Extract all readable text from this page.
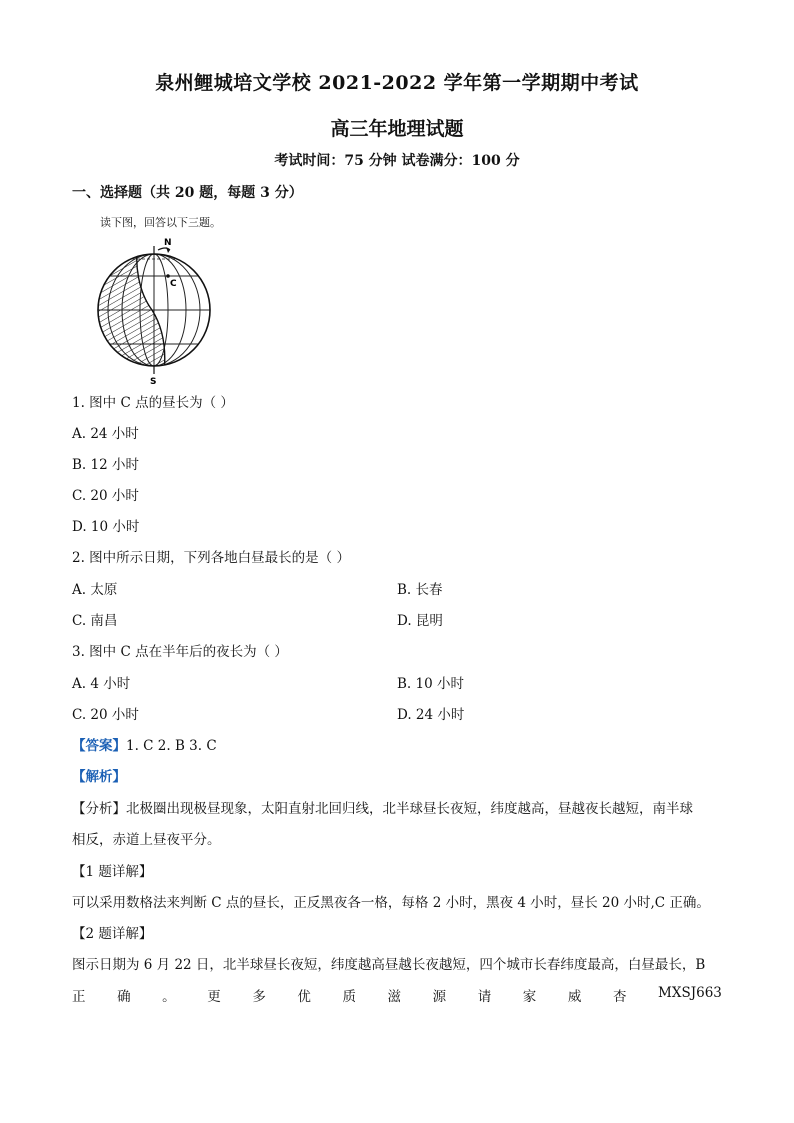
泉州鲤城培文学校 2021-2022 学年第一学期期中考试
高三年地理试题
考试时间：75 分钟 试卷满分：100 分
一、选择题（共 20 题，每题 3 分）
读下图，回答以下三题。
N
S
C
1. 图中 C 点的昼长为（ ）
A. 24 小时
B. 12 小时
C. 20 小时
D. 10 小时
2. 图中所示日期，下列各地白昼最长的是（ ）
A. 太原	B. 长春
C. 南昌	D. 昆明
3. 图中 C 点在半年后的夜长为（ ）
A. 4 小时	B. 10 小时
C. 20 小时	D. 24 小时
【答案】1. C 2. B 3. C
【解析】
【分析】北极圈出现极昼现象，太阳直射北回归线，北半球昼长夜短，纬度越高，昼越夜长越短，南半球
相反，赤道上昼夜平分。
【1 题详解】
可以采用数格法来判断 C 点的昼长，正反黑夜各一格，每格 2 小时，黑夜 4 小时，昼长 20 小时,C 正确。
【2 题详解】
图示日期为 6 月 22 日，北半球昼长夜短，纬度越高昼越长夜越短，四个城市长春纬度最高，白昼最长，B
正 确 。 更 多 优 质 滋 源 请 家 威 杏 MXSJ663
